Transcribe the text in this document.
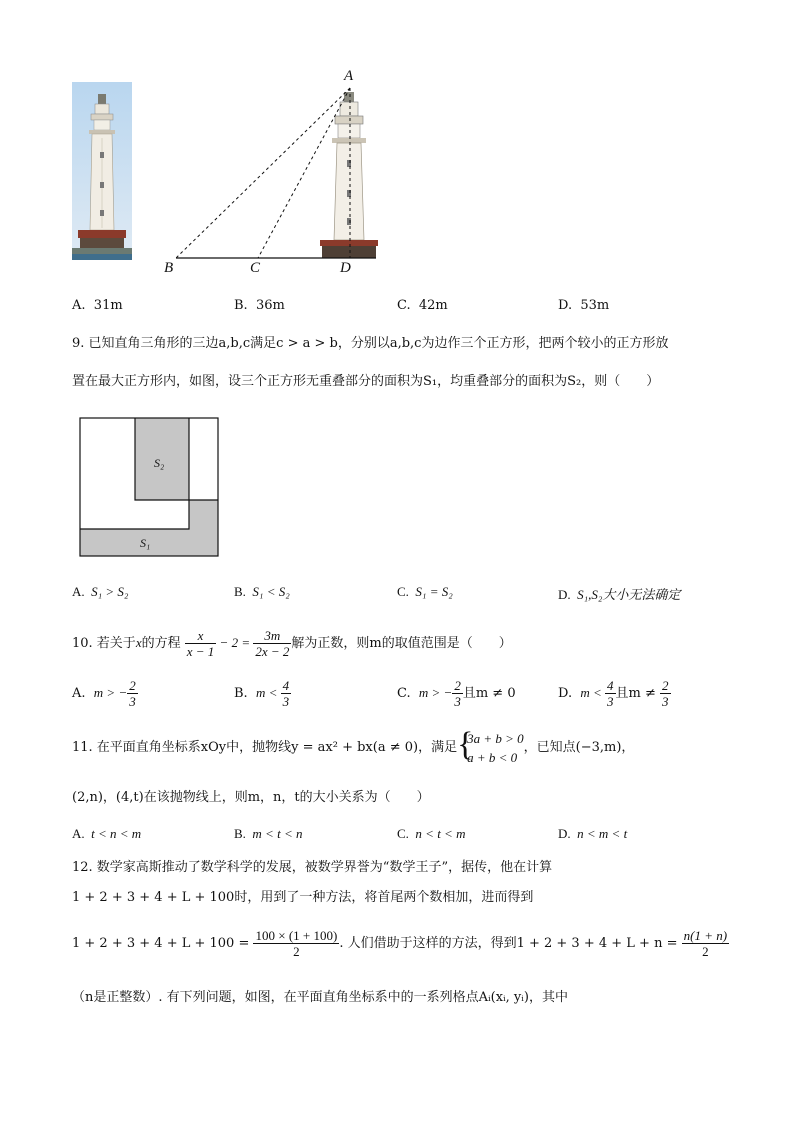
A
B	C	D
A. 31m	B. 36m	C. 42m	D. 53m
9. 已知直角三角形的三边a,b,c满足c > a > b，分别以a,b,c为边作三个正方形，把两个较小的正方形放
置在最大正方形内，如图，设三个正方形无重叠部分的面积为S₁，均重叠部分的面积为S₂，则（　　）
S₂
S₁
A. S₁ > S₂	B. S₁ < S₂	C. S₁ = S₂	D. S₁,S₂大小无法确定
10. 若关于x的方程 $\frac{x}{x - 1} - 2 = \frac{3m}{2x - 2}$ 解为正数，则m的取值范围是（　　）
A. m > − $\frac{2}{3}$	B. $m < \frac{4}{3}$	C. m > − $\frac{2}{3}$ 且m ≠ 0	D. $m < \frac{4}{3}$ 且$m \ne \frac{2}{3}$
11. 在平面直角坐标系xOy中，抛物线y = ax² + bx(a ≠ 0)，满足 {
3a + b > 0
a + b < 0
，已知点(−3,m)，
(2,n)，(4,t)在该抛物线上，则m，n，t的大小关系为（　　）
A. t < n < m	B. m < t < n	C. n < t < m	D. n < m < t
12. 数学家高斯推动了数学科学的发展，被数学界誉为“数学王子”，据传，他在计算
1 + 2 + 3 + 4 + L + 100时，用到了一种方法，将首尾两个数相加，进而得到
$1 + 2 + 3 + 4 + L + 100 = \frac{100 \times (1 + 100)}{2}$ . 人们借助于这样的方法，得到$1 + 2 + 3 + 4 + L + n = \frac{n(1 + n)}{2}$
（n是正整数）. 有下列问题，如图，在平面直角坐标系中的一系列格点Aᵢ(xᵢ, yᵢ)，其中
